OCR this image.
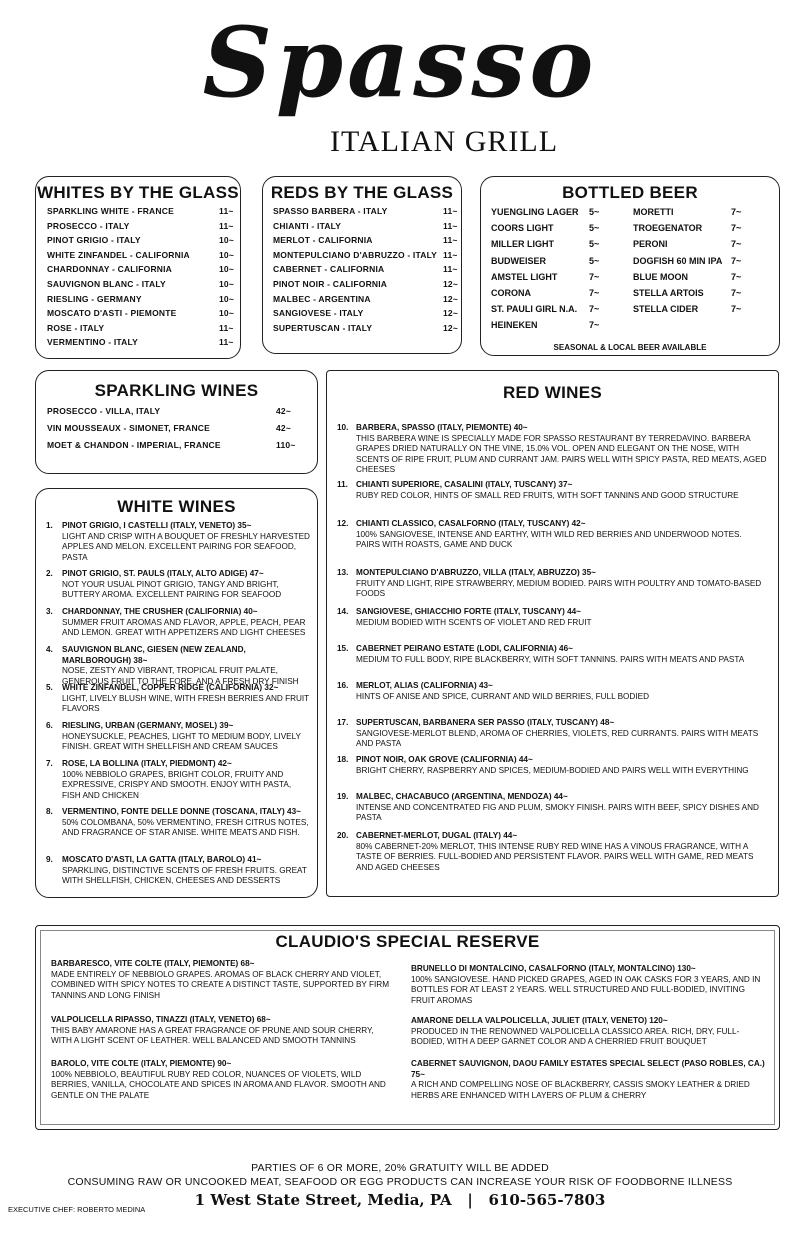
Spasso
ITALIAN GRILL
WHITES BY THE GLASS
SPARKLING WHITE - FRANCE	11~
PROSECCO - ITALY	11~
PINOT GRIGIO - ITALY	10~
WHITE ZINFANDEL - CALIFORNIA	10~
CHARDONNAY - CALIFORNIA	10~
SAUVIGNON BLANC - ITALY	10~
RIESLING - GERMANY	10~
MOSCATO D'ASTI - PIEMONTE	10~
ROSE - ITALY	11~
VERMENTINO - ITALY	11~
REDS BY THE GLASS
SPASSO BARBERA - ITALY	11~
CHIANTI - ITALY	11~
MERLOT - CALIFORNIA	11~
MONTEPULCIANO D'ABRUZZO - ITALY 11~
CABERNET - CALIFORNIA	11~
PINOT NOIR - CALIFORNIA	12~
MALBEC - ARGENTINA	12~
SANGIOVESE - ITALY	12~
SUPERTUSCAN - ITALY	12~
BOTTLED BEER
YUENGLING LAGER 5~
COORS LIGHT	5~
MILLER LIGHT	5~
BUDWEISER	5~
AMSTEL LIGHT	7~
CORONA	7~
ST. PAULI GIRL N.A. 7~
HEINEKEN	7~
MORETTI	7~
TROEGENATOR	7~
PERONI	7~
DOGFISH 60 MIN IPA 7~
BLUE MOON	7~
STELLA ARTOIS	7~
STELLA CIDER	7~
SEASONAL & LOCAL BEER AVAILABLE
SPARKLING WINES
PROSECCO - VILLA, ITALY	42~
VIN MOUSSEAUX - SIMONET, FRANCE	42~
MOET & CHANDON - IMPERIAL, FRANCE	110~
WHITE WINES
1. PINOT GRIGIO, I CASTELLI (ITALY, VENETO) 35~
LIGHT AND CRISP WITH A BOUQUET OF FRESHLY HARVESTED APPLES AND MELON. EXCELLENT PAIRING FOR SEAFOOD, PASTA
2. PINOT GRIGIO, ST. PAULS (ITALY, ALTO ADIGE) 47~
NOT YOUR USUAL PINOT GRIGIO, TANGY AND BRIGHT, BUTTERY AROMA. EXCELLENT PAIRING FOR SEAFOOD
3. CHARDONNAY, THE CRUSHER (CALIFORNIA) 40~
SUMMER FRUIT AROMAS AND FLAVOR, APPLE, PEACH, PEAR AND LEMON. GREAT WITH APPETIZERS AND LIGHT CHEESES
4. SAUVIGNON BLANC, GIESEN (NEW ZEALAND, MARLBOROUGH) 38~
NOSE, ZESTY AND VIBRANT, TROPICAL FRUIT PALATE, GENEROUS FRUIT TO THE FORE, AND A FRESH DRY FINISH
5. WHITE ZINFANDEL, COPPER RIDGE (CALIFORNIA) 32~
LIGHT, LIVELY BLUSH WINE, WITH FRESH BERRIES AND FRUIT FLAVORS
6. RIESLING, URBAN (GERMANY, MOSEL) 39~
HONEYSUCKLE, PEACHES, LIGHT TO MEDIUM BODY, LIVELY FINISH. GREAT WITH SHELLFISH AND CREAM SAUCES
7. ROSE, LA BOLLINA (ITALY, PIEDMONT) 42~
100% NEBBIOLO GRAPES, BRIGHT COLOR, FRUITY AND EXPRESSIVE, CRISPY AND SMOOTH. ENJOY WITH PASTA, FISH AND CHICKEN
8. VERMENTINO, FONTE DELLE DONNE (TOSCANA, ITALY) 43~
50% COLOMBANA, 50% VERMENTINO, FRESH CITRUS NOTES, AND FRAGRANCE OF STAR ANISE. WHITE MEATS AND FISH.
9. MOSCATO D'ASTI, LA GATTA (ITALY, BAROLO) 41~
SPARKLING, DISTINCTIVE SCENTS OF FRESH FRUITS. GREAT WITH SHELLFISH, CHICKEN, CHEESES AND DESSERTS
RED WINES
10. BARBERA, SPASSO (ITALY, PIEMONTE) 40~
THIS BARBERA WINE IS SPECIALLY MADE FOR SPASSO RESTAURANT BY TERREDAVINO. BARBERA GRAPES DRIED NATURALLY ON THE VINE, 15.0% VOL. OPEN AND ELEGANT ON THE NOSE, WITH SCENTS OF RIPE FRUIT, PLUM AND CURRANT JAM. PAIRS WELL WITH SPICY PASTA, RED MEATS, AGED CHEESES
11. CHIANTI SUPERIORE, CASALINI (ITALY, TUSCANY) 37~
RUBY RED COLOR, HINTS OF SMALL RED FRUITS, WITH SOFT TANNINS AND GOOD STRUCTURE
12. CHIANTI CLASSICO, CASALFORNO (ITALY, TUSCANY) 42~
100% SANGIOVESE, INTENSE AND EARTHY, WITH WILD RED BERRIES AND UNDERWOOD NOTES. PAIRS WITH ROASTS, GAME AND DUCK
13. MONTEPULCIANO D'ABRUZZO, VILLA (ITALY, ABRUZZO) 35~
FRUITY AND LIGHT, RIPE STRAWBERRY, MEDIUM BODIED. PAIRS WITH POULTRY AND TOMATO-BASED FOODS
14. SANGIOVESE, GHIACCHIO FORTE (ITALY, TUSCANY) 44~
MEDIUM BODIED WITH SCENTS OF VIOLET AND RED FRUIT
15. CABERNET PEIRANO ESTATE (LODI, CALIFORNIA) 46~
MEDIUM TO FULL BODY, RIPE BLACKBERRY, WITH SOFT TANNINS. PAIRS WITH MEATS AND PASTA
16. MERLOT, ALIAS (CALIFORNIA) 43~
HINTS OF ANISE AND SPICE, CURRANT AND WILD BERRIES, FULL BODIED
17. SUPERTUSCAN, BARBANERA SER PASSO (ITALY, TUSCANY) 48~
SANGIOVESE-MERLOT BLEND, AROMA OF CHERRIES, VIOLETS, RED CURRANTS. PAIRS WITH MEATS AND PASTA
18. PINOT NOIR, OAK GROVE (CALIFORNIA) 44~
BRIGHT CHERRY, RASPBERRY AND SPICES, MEDIUM-BODIED AND PAIRS WELL WITH EVERYTHING
19. MALBEC, CHACABUCO (ARGENTINA, MENDOZA) 44~
INTENSE AND CONCENTRATED FIG AND PLUM, SMOKY FINISH. PAIRS WITH BEEF, SPICY DISHES AND PASTA
20. CABERNET-MERLOT, DUGAL (ITALY) 44~
80% CABERNET-20% MERLOT, THIS INTENSE RUBY RED WINE HAS A VINOUS FRAGRANCE, WITH A TASTE OF BERRIES. FULL-BODIED AND PERSISTENT FLAVOR. PAIRS WELL WITH GAME, RED MEATS AND AGED CHEESES
CLAUDIO'S SPECIAL RESERVE
BARBARESCO, VITE COLTE (ITALY, PIEMONTE) 68~
MADE ENTIRELY OF NEBBIOLO GRAPES. AROMAS OF BLACK CHERRY AND VIOLET, COMBINED WITH SPICY NOTES TO CREATE A DISTINCT TASTE, SUPPORTED BY FIRM TANNINS AND LONG FINISH
VALPOLICELLA RIPASSO, TINAZZI (ITALY, VENETO) 68~
THIS BABY AMARONE HAS A GREAT FRAGRANCE OF PRUNE AND SOUR CHERRY, WITH A LIGHT SCENT OF LEATHER. WELL BALANCED AND SMOOTH TANNINS
BAROLO, VITE COLTE (ITALY, PIEMONTE) 90~
100% NEBBIOLO, BEAUTIFUL RUBY RED COLOR, NUANCES OF VIOLETS, WILD BERRIES, VANILLA, CHOCOLATE AND SPICES IN AROMA AND FLAVOR. SMOOTH AND GENTLE ON THE PALATE
BRUNELLO DI MONTALCINO, CASALFORNO (ITALY, MONTALCINO) 130~
100% SANGIOVESE. HAND PICKED GRAPES, AGED IN OAK CASKS FOR 3 YEARS, AND IN BOTTLES FOR AT LEAST 2 YEARS. WELL STRUCTURED AND FULL-BODIED, INVITING FRUIT AROMAS
AMARONE DELLA VALPOLICELLA, JULIET (ITALY, VENETO) 120~
PRODUCED IN THE RENOWNED VALPOLICELLA CLASSICO AREA. RICH, DRY, FULL-BODIED, WITH A DEEP GARNET COLOR AND A CHERRIED FRUIT BOUQUET
CABERNET SAUVIGNON, DAOU FAMILY ESTATES SPECIAL SELECT (PASO ROBLES, CA.) 75~
A RICH AND COMPELLING NOSE OF BLACKBERRY, CASSIS SMOKY LEATHER & DRIED HERBS ARE ENHANCED WITH LAYERS OF PLUM & CHERRY
PARTIES OF 6 OR MORE, 20% GRATUITY WILL BE ADDED
CONSUMING RAW OR UNCOOKED MEAT, SEAFOOD OR EGG PRODUCTS CAN INCREASE YOUR RISK OF FOODBORNE ILLNESS
1 West State Street, Media, PA | 610-565-7803
EXECUTIVE CHEF: ROBERTO MEDINA
